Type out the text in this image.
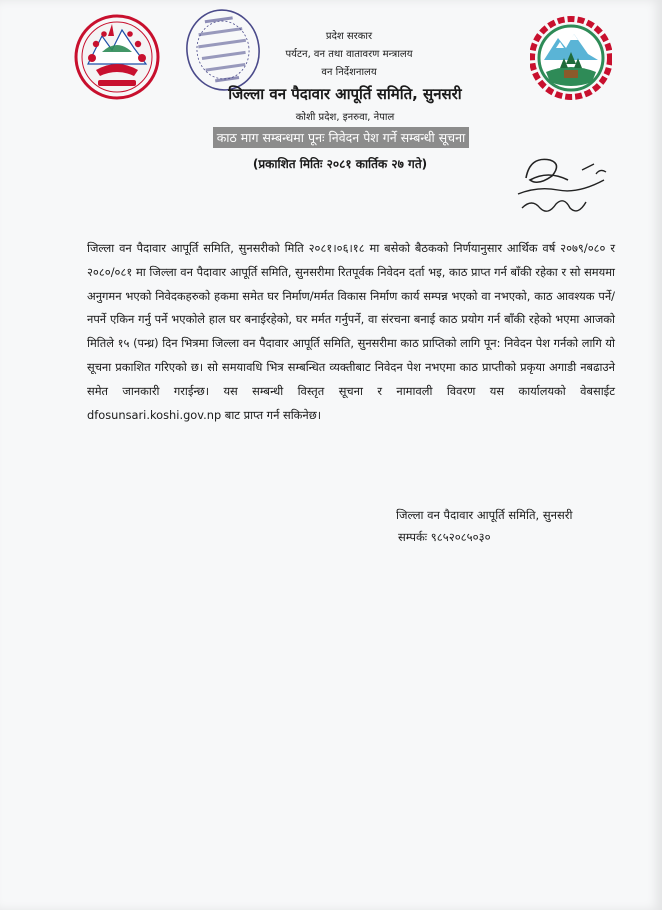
प्रदेश सरकार
पर्यटन, वन तथा वातावरण मन्त्रालय
वन निर्देशनालय
जिल्ला वन पैदावार आपूर्ति समिति, सुनसरी
कोशी प्रदेश, इनरुवा, नेपाल
काठ माग सम्बन्धमा पूनः निवेदन पेश गर्ने सम्बन्धी सूचना
(प्रकाशित मितिः २०८१ कार्तिक २७ गते)
जिल्ला वन पैदावार आपूर्ति समिति, सुनसरीको मिति २०८१।०६।१८ मा बसेको बैठकको निर्णयानुसार आर्थिक वर्ष २०७९/०८० र २०८०/०८१ मा जिल्ला वन पैदावार आपूर्ति समिति, सुनसरीमा रितपूर्वक निवेदन दर्ता भइ, काठ प्राप्त गर्न बाँकी रहेका र सो समयमा अनुगमन भएको निवेदकहरुको हकमा समेत घर निर्माण/मर्मत विकास निर्माण कार्य सम्पन्न भएको वा नभएको, काठ आवश्यक पर्ने/ नपर्ने एकिन गर्नु पर्ने भएकोले हाल घर बनाईरहेको, घर मर्मत गर्नुपर्ने, वा संरचना बनाई काठ प्रयोग गर्न बाँकी रहेको भएमा आजको मितिले १५ (पन्ध्र) दिन भित्रमा जिल्ला वन पैदावार आपूर्ति समिति, सुनसरीमा काठ प्राप्तिको लागि पून: निवेदन पेश गर्नको लागि यो सूचना प्रकाशित गरिएको छ। सो समयावधि भित्र सम्बन्धित व्यक्तीबाट निवेदन पेश नभएमा काठ प्राप्तीको प्रकृया अगाडी नबढाउने समेत जानकारी गराईन्छ। यस सम्बन्धी विस्तृत सूचना र नामावली विवरण यस कार्यालयको वेबसाईट dfosunsari.koshi.gov.np बाट प्राप्त गर्न सकिनेछ।
जिल्ला वन पैदावार आपूर्ति समिति, सुनसरी
सम्पर्कः ९८५२०८५०३०
